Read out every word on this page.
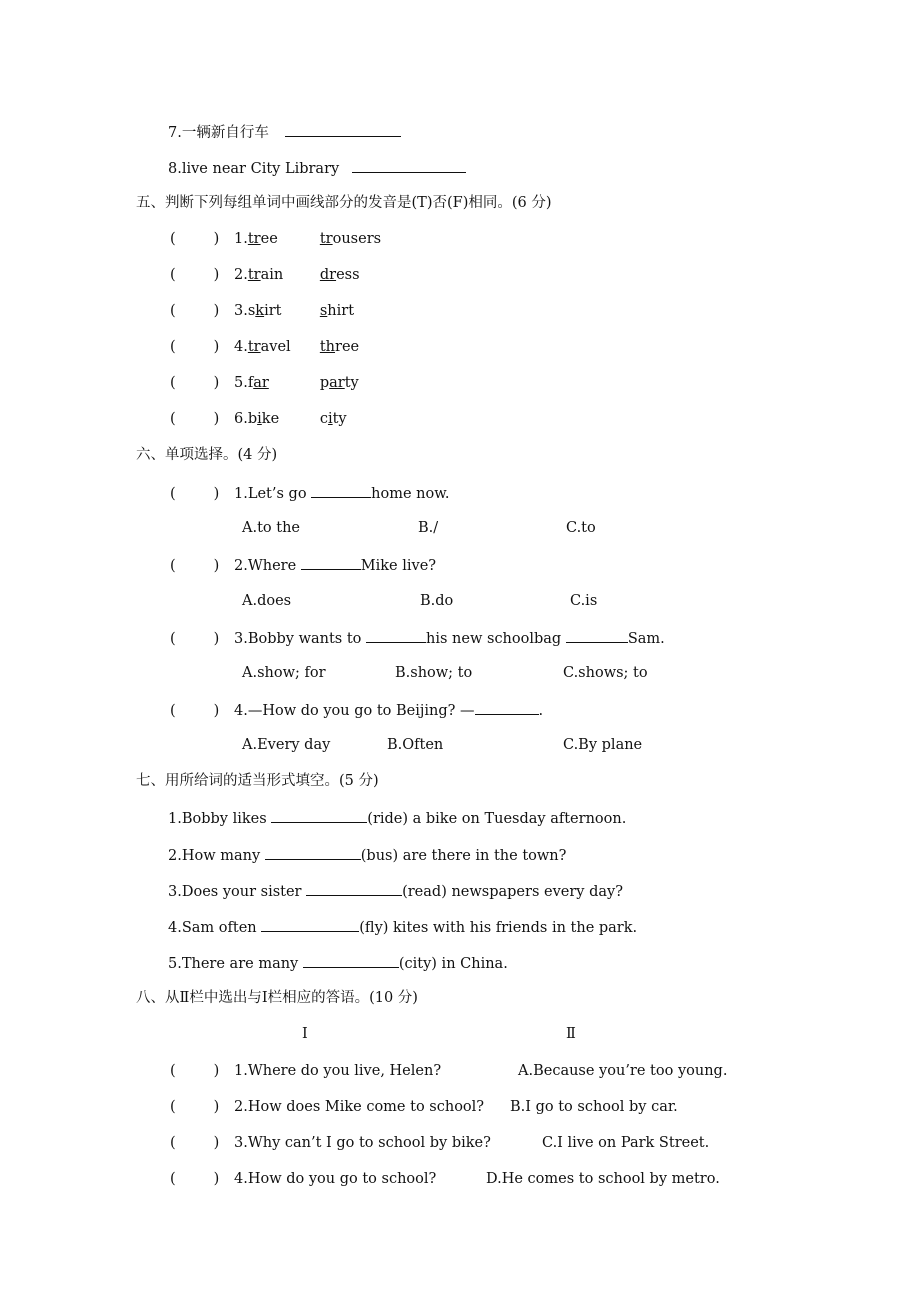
7.一辆新自行车
8.live near City Library
五、判断下列每组单词中画线部分的发音是(T)否(F)相同。(6 分)
(	) 1.tree	trousers
(	) 2.train	dress
(	) 3.skirt	shirt
(	) 4.travel three
(	) 5.far	party
(	) 6.bike	city
六、单项选择。(4 分)
(	) 1.Let’s go	home now.
A.to the	B./	C.to
(	) 2.Where	Mike live?
A.does	B.do	C.is
(	) 3.Bobby wants to	his new schoolbag	Sam.
A.show; for	B.show; to	C.shows; to
(	) 4.—How do you go to Beijing? —	.
A.Every day	B.Often	C.By plane
七、用所给词的适当形式填空。(5 分)
1.Bobby likes	(ride) a bike on Tuesday afternoon.
2.How many	(bus) are there in the town?
3.Does your sister	(read) newspapers every day?
4.Sam often	(fly) kites with his friends in the park.
5.There are many	(city) in China.
八、从Ⅱ栏中选出与Ⅰ栏相应的答语。(10 分)
Ⅰ	Ⅱ
(	) 1.Where do you live, Helen?	A.Because you’re too young.
(	) 2.How does Mike come to school? B.I go to school by car.
(	) 3.Why can’t I go to school by bike?	C.I live on Park Street.
(	) 4.How do you go to school?	D.He comes to school by metro.
